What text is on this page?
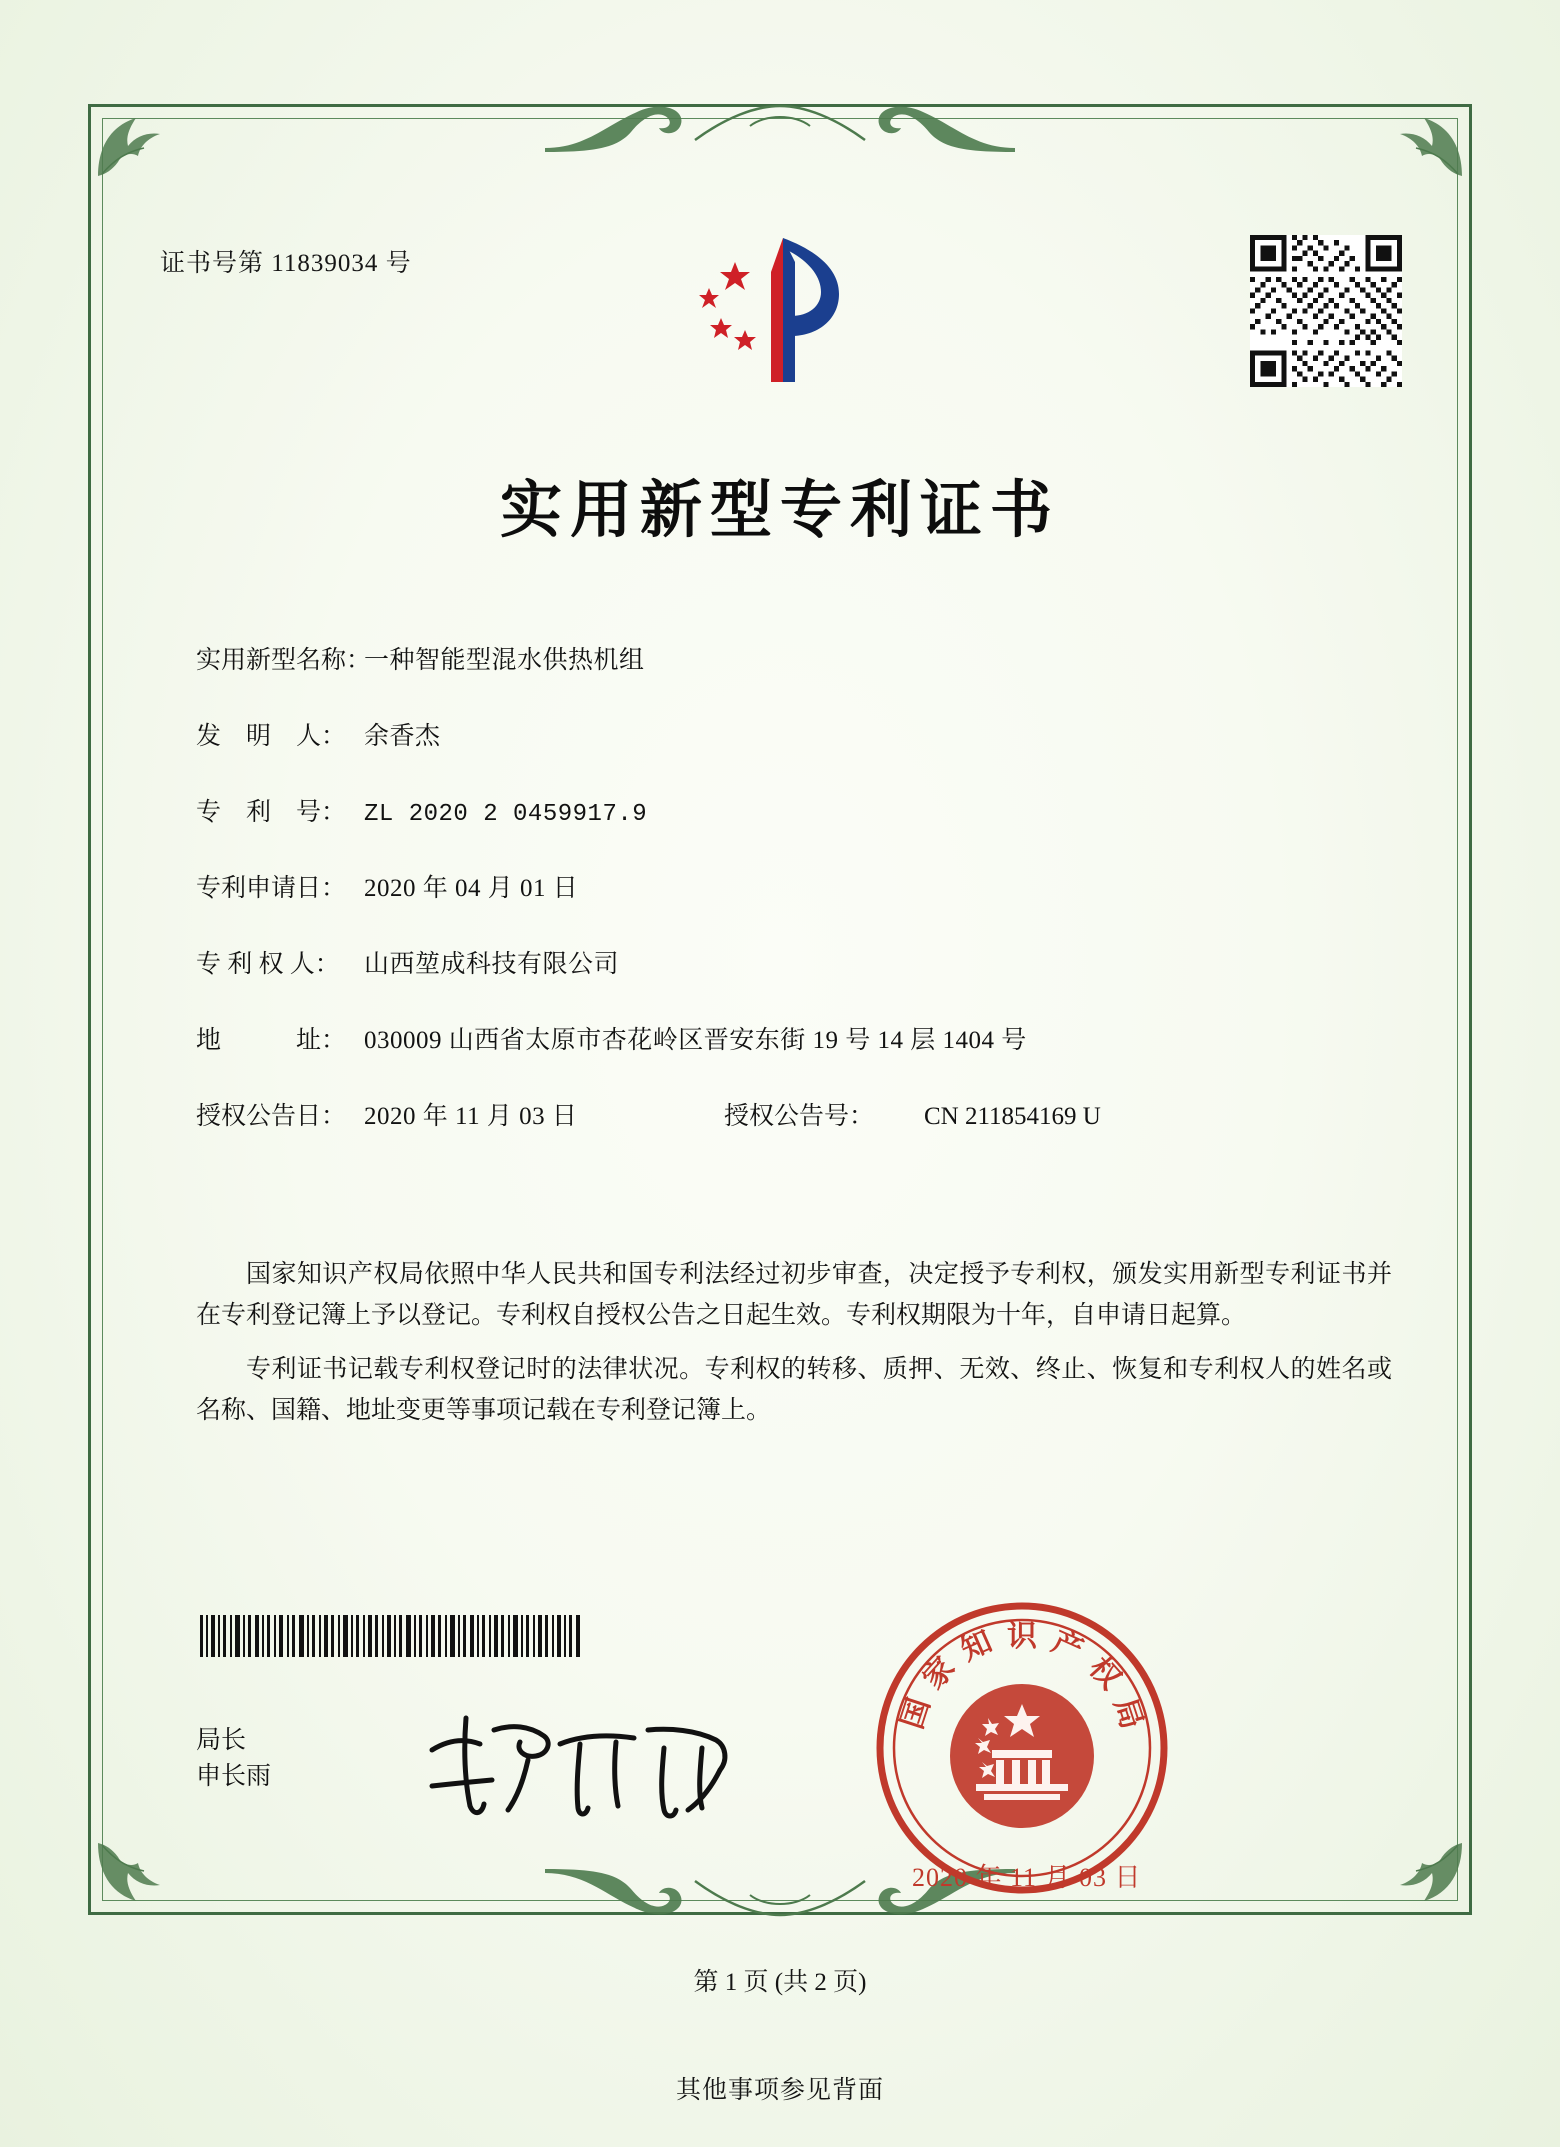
证书号第 11839034 号
实用新型专利证书
实用新型名称：
一种智能型混水供热机组
发　明　人： 余香杰
专　利　号： ZL 2020 2 0459917.9
专利申请日： 2020 年 04 月 01 日
专 利 权 人： 山西堃成科技有限公司
地　　　址： 030009 山西省太原市杏花岭区晋安东街 19 号 14 层 1404 号
授权公告日： 2020 年 11 月 03 日	授权公告号：	CN 211854169 U

国家知识产权局依照中华人民共和国专利法经过初步审查，决定授予专利权，颁发实用新型专利证书并在专利登记簿上予以登记。专利权自授权公告之日起生效。专利权期限为十年，自申请日起算。

专利证书记载专利权登记时的法律状况。专利权的转移、质押、无效、终止、恢复和专利权人的姓名或名称、国籍、地址变更等事项记载在专利登记簿上。

局长
申长雨
国
家
知 识 产
权
局
2020 年 11 月 03 日
第 1 页 (共 2 页)
其他事项参见背面
